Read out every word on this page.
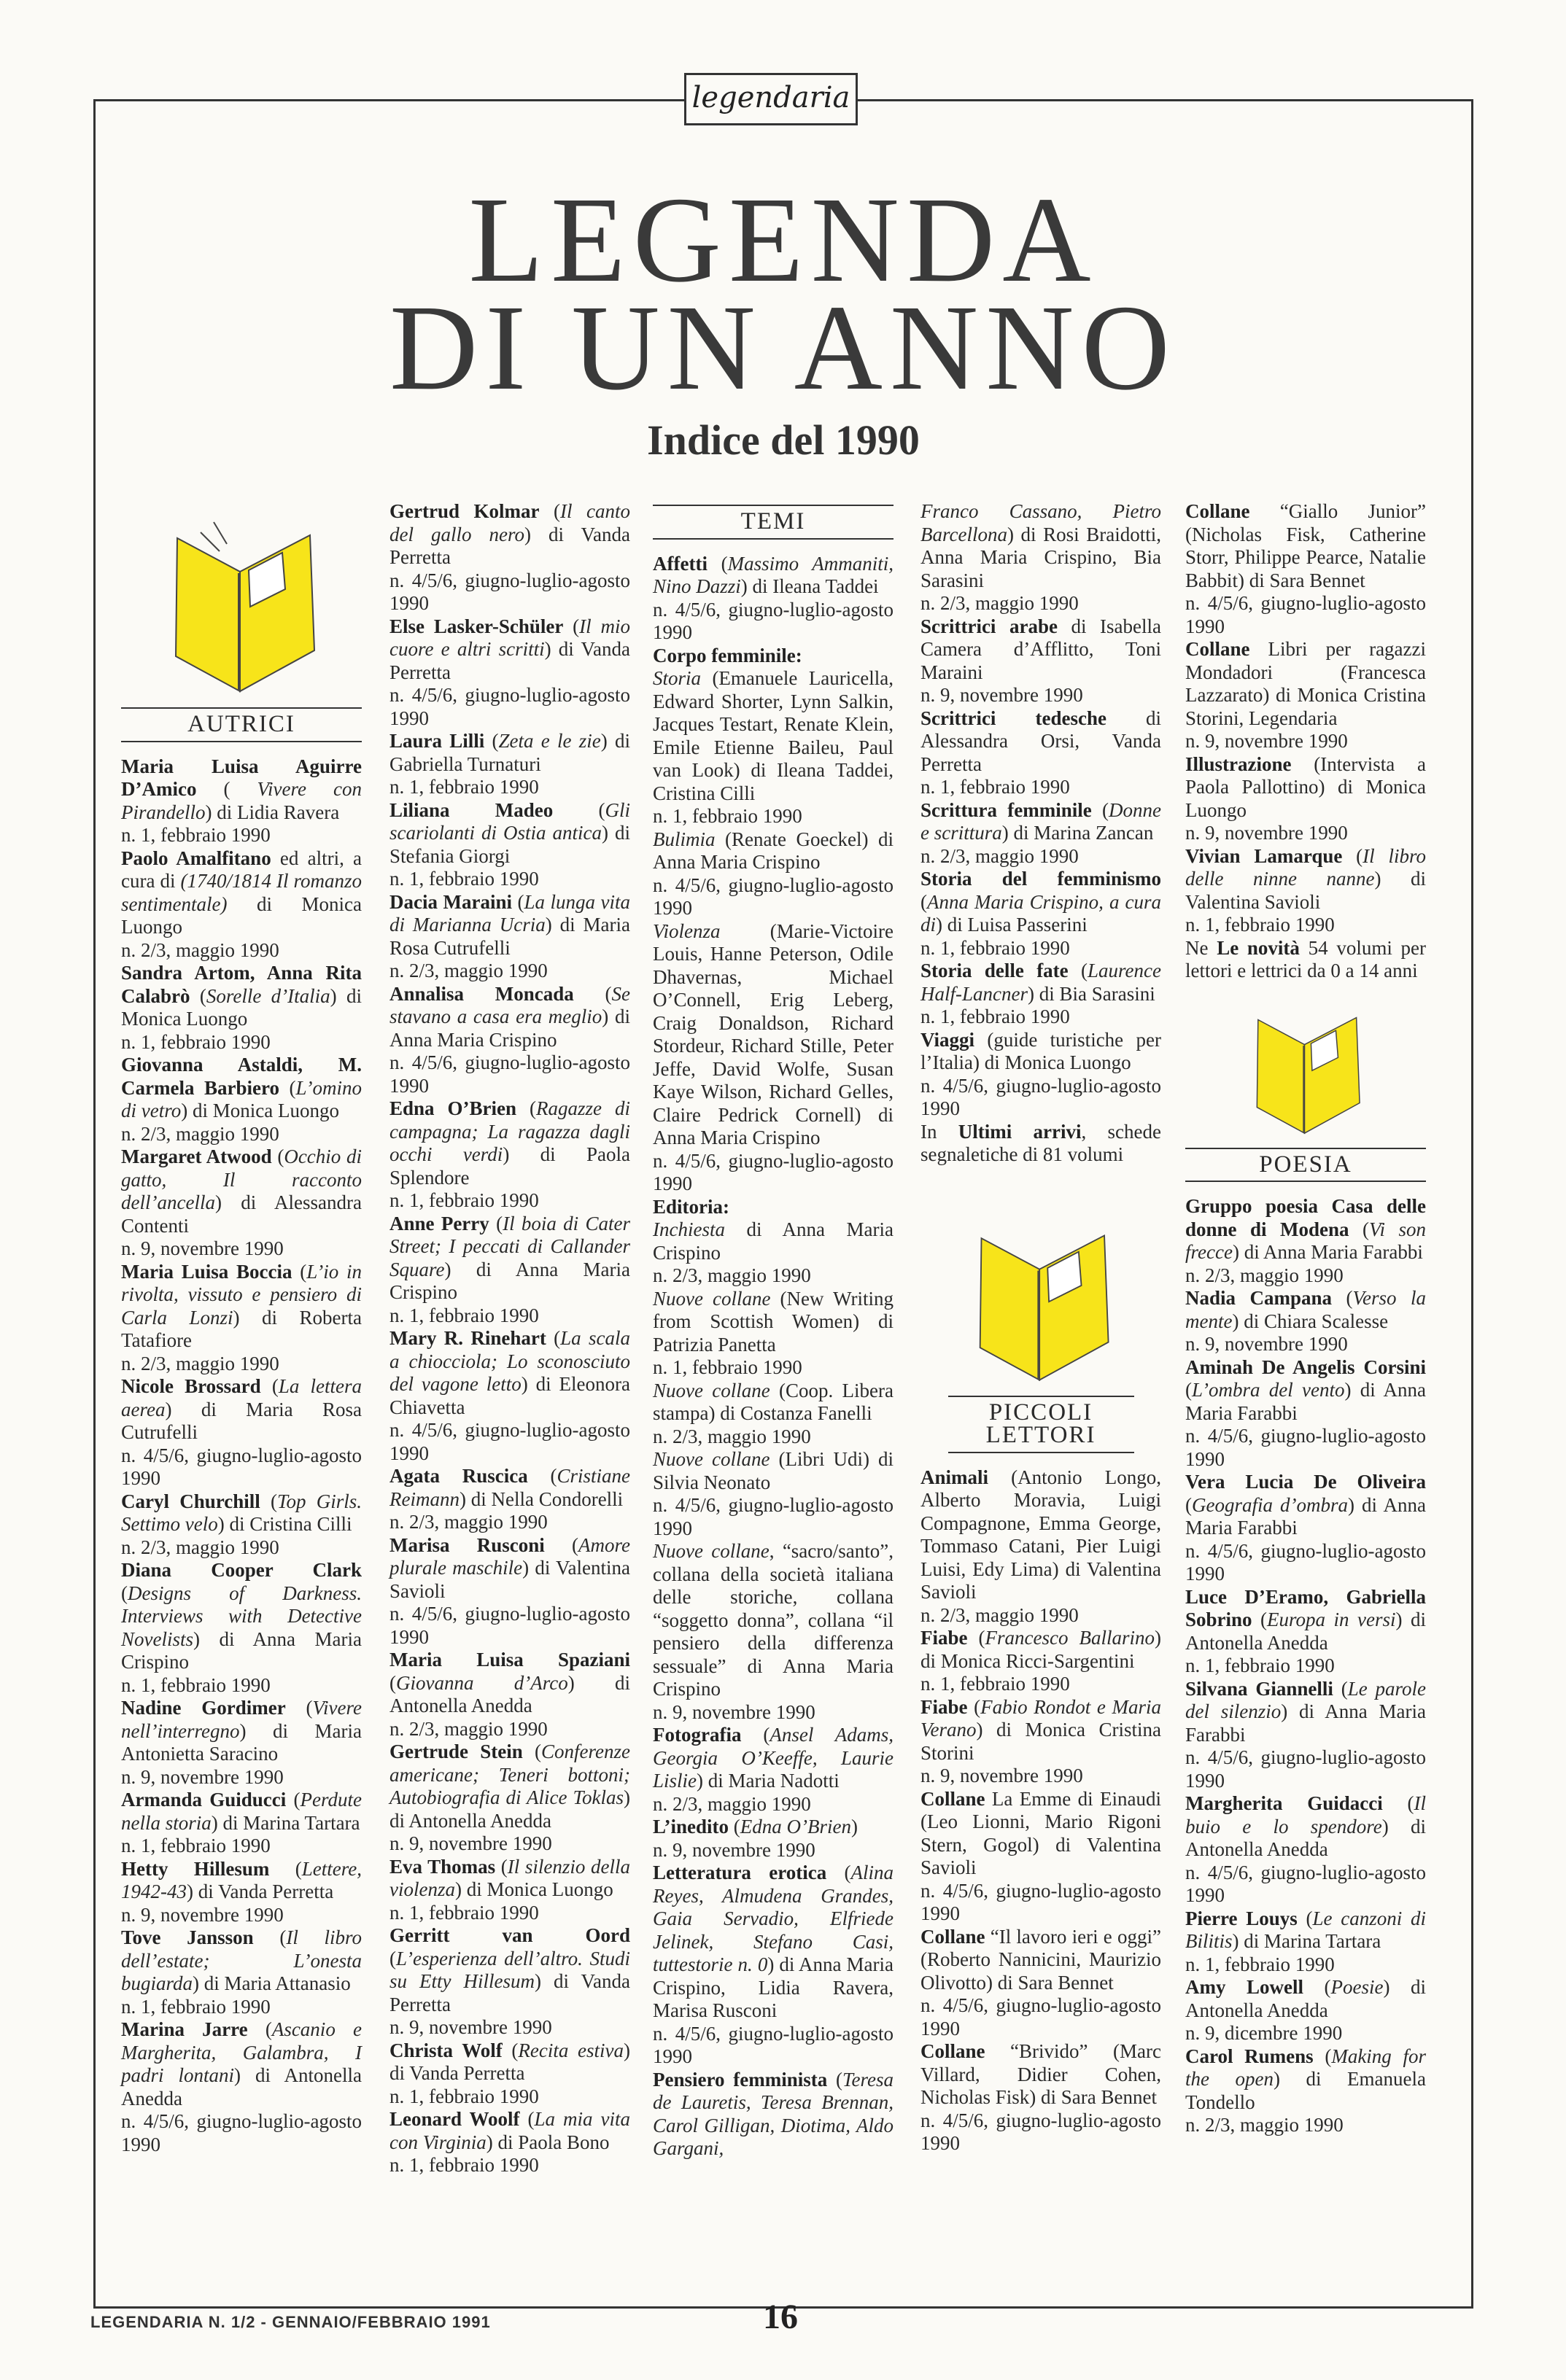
legendaria
LEGENDA
DI UN ANNO
Indice del 1990
AUTRICI

Maria Luisa Aguirre D’Amico ( Vivere con Pirandello) di Lidia Ravera
n. 1, febbraio 1990

Paolo Amalfitano ed altri, a cura di (1740/1814 Il romanzo sentimentale) di Monica Luongo
n. 2/3, maggio 1990

Sandra Artom, Anna Rita Calabrò (Sorelle d’Italia) di Monica Luongo
n. 1, febbraio 1990

Giovanna Astaldi, M. Carmela Barbiero (L’omino di vetro) di Monica Luongo
n. 2/3, maggio 1990

Margaret Atwood (Occhio di gatto, Il racconto dell’ancella) di Alessandra Contenti
n. 9, novembre 1990

Maria Luisa Boccia (L’io in rivolta, vissuto e pensiero di Carla Lonzi) di Roberta Tatafiore
n. 2/3, maggio 1990

Nicole Brossard (La lettera aerea) di Maria Rosa Cutrufelli
n. 4/5/6, giugno-luglio-agosto 1990

Caryl Churchill (Top Girls. Settimo velo) di Cristina Cilli
n. 2/3, maggio 1990

Diana Cooper Clark (Designs of Darkness. Interviews with Detective Novelists) di Anna Maria Crispino
n. 1, febbraio 1990

Nadine Gordimer (Vivere nell’interregno) di Maria Antonietta Saracino
n. 9, novembre 1990

Armanda Guiducci (Perdute nella storia) di Marina Tartara
n. 1, febbraio 1990

Hetty Hillesum (Lettere, 1942-43) di Vanda Perretta
n. 9, novembre 1990

Tove Jansson (Il libro dell’estate; L’onesta bugiarda) di Maria Attanasio
n. 1, febbraio 1990

Marina Jarre (Ascanio e Margherita, Galambra, I padri lontani) di Antonella Anedda
n. 4/5/6, giugno-luglio-agosto 1990

Gertrud Kolmar (Il canto del gallo nero) di Vanda Perretta
n. 4/5/6, giugno-luglio-agosto 1990

Else Lasker-Schüler (Il mio cuore e altri scritti) di Vanda Perretta
n. 4/5/6, giugno-luglio-agosto 1990

Laura Lilli (Zeta e le zie) di Gabriella Turnaturi
n. 1, febbraio 1990

Liliana Madeo (Gli scariolanti di Ostia antica) di Stefania Giorgi
n. 1, febbraio 1990

Dacia Maraini (La lunga vita di Marianna Ucria) di Maria Rosa Cutrufelli
n. 2/3, maggio 1990

Annalisa Moncada (Se stavano a casa era meglio) di Anna Maria Crispino
n. 4/5/6, giugno-luglio-agosto 1990

Edna O’Brien (Ragazze di campagna; La ragazza dagli occhi verdi) di Paola Splendore
n. 1, febbraio 1990

Anne Perry (Il boia di Cater Street; I peccati di Callander Square) di Anna Maria Crispino
n. 1, febbraio 1990

Mary R. Rinehart (La scala a chiocciola; Lo sconosciuto del vagone letto) di Eleonora Chiavetta
n. 4/5/6, giugno-luglio-agosto 1990

Agata Ruscica (Cristiane Reimann) di Nella Condorelli
n. 2/3, maggio 1990

Marisa Rusconi (Amore plurale maschile) di Valentina Savioli
n. 4/5/6, giugno-luglio-agosto 1990

Maria Luisa Spaziani (Giovanna d’Arco) di Antonella Anedda
n. 2/3, maggio 1990

Gertrude Stein (Conferenze americane; Teneri bottoni; Autobiografia di Alice Toklas) di Antonella Anedda
n. 9, novembre 1990

Eva Thomas (Il silenzio della violenza) di Monica Luongo
n. 1, febbraio 1990

Gerritt van Oord (L’esperienza dell’altro. Studi su Etty Hillesum) di Vanda Perretta
n. 9, novembre 1990

Christa Wolf (Recita estiva) di Vanda Perretta
n. 1, febbraio 1990

Leonard Woolf (La mia vita con Virginia) di Paola Bono
n. 1, febbraio 1990

TEMI

Affetti (Massimo Ammaniti, Nino Dazzi) di Ileana Taddei
n. 4/5/6, giugno-luglio-agosto 1990

Corpo femminile:
Storia (Emanuele Lauricella, Edward Shorter, Lynn Salkin, Jacques Testart, Renate Klein, Emile Etienne Baileu, Paul van Look) di Ileana Taddei, Cristina Cilli
n. 1, febbraio 1990
Bulimia (Renate Goeckel) di Anna Maria Crispino
n. 4/5/6, giugno-luglio-agosto 1990
Violenza (Marie-Victoire Louis, Hanne Peterson, Odile Dhavernas, Michael O’Connell, Erig Leberg, Craig Donaldson, Richard Stordeur, Richard Stille, Peter Jeffe, David Wolfe, Susan Kaye Wilson, Richard Gelles, Claire Pedrick Cornell) di Anna Maria Crispino
n. 4/5/6, giugno-luglio-agosto 1990

Editoria:
Inchiesta di Anna Maria Crispino
n. 2/3, maggio 1990
Nuove collane (New Writing from Scottish Women) di Patrizia Panetta
n. 1, febbraio 1990
Nuove collane (Coop. Libera stampa) di Costanza Fanelli
n. 2/3, maggio 1990
Nuove collane (Libri Udi) di Silvia Neonato
n. 4/5/6, giugno-luglio-agosto 1990
Nuove collane, “sacro/santo”, collana della società italiana delle storiche, collana “soggetto donna”, collana “il pensiero della differenza sessuale” di Anna Maria Crispino
n. 9, novembre 1990

Fotografia (Ansel Adams, Georgia O’Keeffe, Laurie Lislie) di Maria Nadotti
n. 2/3, maggio 1990

L’inedito (Edna O’Brien)
n. 9, novembre 1990

Letteratura erotica (Alina Reyes, Almudena Grandes, Gaia Servadio, Elfriede Jelinek, Stefano Casi, tuttestorie n. 0) di Anna Maria Crispino, Lidia Ravera, Marisa Rusconi
n. 4/5/6, giugno-luglio-agosto 1990

Pensiero femminista (Teresa de Lauretis, Teresa Brennan, Carol Gilligan, Diotima, Aldo Gargani,

Franco Cassano, Pietro Barcellona) di Rosi Braidotti, Anna Maria Crispino, Bia Sarasini
n. 2/3, maggio 1990

Scrittrici arabe di Isabella Camera d’Afflitto, Toni Maraini
n. 9, novembre 1990

Scrittrici tedesche di Alessandra Orsi, Vanda Perretta
n. 1, febbraio 1990

Scrittura femminile (Donne e scrittura) di Marina Zancan
n. 2/3, maggio 1990

Storia del femminismo (Anna Maria Crispino, a cura di) di Luisa Passerini
n. 1, febbraio 1990

Storia delle fate (Laurence Half-Lancner) di Bia Sarasini
n. 1, febbraio 1990

Viaggi (guide turistiche per l’Italia) di Monica Luongo
n. 4/5/6, giugno-luglio-agosto 1990

In Ultimi arrivi, schede segnaletiche di 81 volumi

PICCOLI LETTORI

Animali (Antonio Longo, Alberto Moravia, Luigi Compagnone, Emma George, Tommaso Catani, Pier Luigi Luisi, Edy Lima) di Valentina Savioli
n. 2/3, maggio 1990

Fiabe (Francesco Ballarino) di Monica Ricci-Sargentini
n. 1, febbraio 1990

Fiabe (Fabio Rondot e Maria Verano) di Monica Cristina Storini
n. 9, novembre 1990

Collane La Emme di Einaudi (Leo Lionni, Mario Rigoni Stern, Gogol) di Valentina Savioli
n. 4/5/6, giugno-luglio-agosto 1990

Collane “Il lavoro ieri e oggi” (Roberto Nannicini, Maurizio Olivotto) di Sara Bennet
n. 4/5/6, giugno-luglio-agosto 1990

Collane “Brivido” (Marc Villard, Didier Cohen, Nicholas Fisk) di Sara Bennet
n. 4/5/6, giugno-luglio-agosto 1990

Collane “Giallo Junior” (Nicholas Fisk, Catherine Storr, Philippe Pearce, Natalie Babbit) di Sara Bennet
n. 4/5/6, giugno-luglio-agosto 1990

Collane Libri per ragazzi Mondadori (Francesca Lazzarato) di Monica Cristina Storini, Legendaria
n. 9, novembre 1990

Illustrazione (Intervista a Paola Pallottino) di Monica Luongo
n. 9, novembre 1990

Vivian Lamarque (Il libro delle ninne nanne) di Valentina Savioli
n. 1, febbraio 1990

Ne Le novità 54 volumi per lettori e lettrici da 0 a 14 anni

POESIA

Gruppo poesia Casa delle donne di Modena (Vi son frecce) di Anna Maria Farabbi
n. 2/3, maggio 1990

Nadia Campana (Verso la mente) di Chiara Scalesse
n. 9, novembre 1990

Aminah De Angelis Corsini (L’ombra del vento) di Anna Maria Farabbi
n. 4/5/6, giugno-luglio-agosto 1990

Vera Lucia De Oliveira (Geografia d’ombra) di Anna Maria Farabbi
n. 4/5/6, giugno-luglio-agosto 1990

Luce D’Eramo, Gabriella Sobrino (Europa in versi) di Antonella Anedda
n. 1, febbraio 1990

Silvana Giannelli (Le parole del silenzio) di Anna Maria Farabbi
n. 4/5/6, giugno-luglio-agosto 1990

Margherita Guidacci (Il buio e lo spendore) di Antonella Anedda
n. 4/5/6, giugno-luglio-agosto 1990

Pierre Louys (Le canzoni di Bilitis) di Marina Tartara
n. 1, febbraio 1990

Amy Lowell (Poesie) di Antonella Anedda
n. 9, dicembre 1990

Carol Rumens (Making for the open) di Emanuela Tondello
n. 2/3, maggio 1990

LEGENDARIA N. 1/2 - GENNAIO/FEBBRAIO 1991	16
